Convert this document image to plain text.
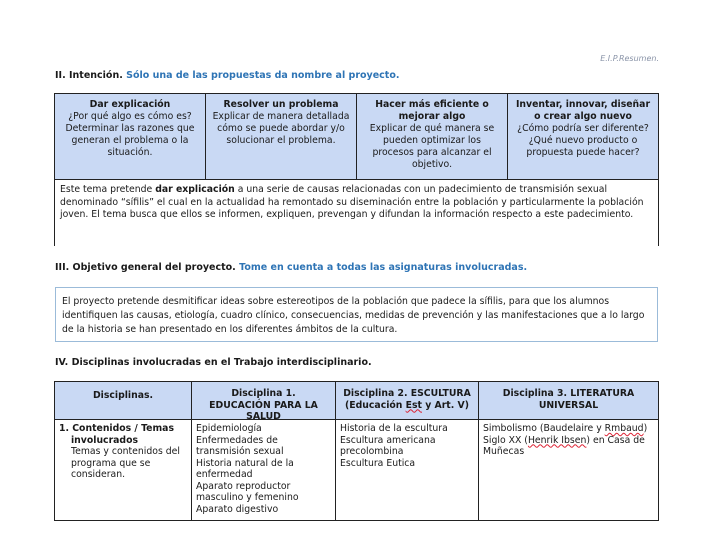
E.I.P.Resumen.
II. Intención. Sólo una de las propuestas da nombre al proyecto.
Dar explicación
¿Por qué algo es cómo es? Determinar las razones que generan el problema o la situación.
Resolver un problema
Explicar de manera detallada cómo se puede abordar y/o solucionar el problema.
Hacer más eficiente o mejorar algo
Explicar de qué manera se pueden optimizar los procesos para alcanzar el objetivo.
Inventar, innovar, diseñar o crear algo nuevo
¿Cómo podría ser diferente? ¿Qué nuevo producto o propuesta puede hacer?
Este tema pretende dar explicación a una serie de causas relacionadas con un padecimiento de transmisión sexual denominado “sífilis” el cual en la actualidad ha remontado su diseminación entre la población y particularmente la población joven. El tema busca que ellos se informen, expliquen, prevengan y difundan la información respecto a este padecimiento.
III. Objetivo general del proyecto. Tome en cuenta a todas las asignaturas involucradas.
El proyecto pretende desmitificar ideas sobre estereotipos de la población que padece la sífilis, para que los alumnos identifiquen las causas, etiología, cuadro clínico, consecuencias, medidas de prevención y las manifestaciones que a lo largo de la historia se han presentado en los diferentes ámbitos de la cultura.
IV. Disciplinas involucradas en el Trabajo interdisciplinario.
Disciplinas.	Disciplina 1.
EDUCACIÓN PARA LA SALUD
Disciplina 2. ESCULTURA
(Educación Est y Art. V)
Disciplina 3. LITERATURA UNIVERSAL
1. Contenidos / Temas
involucrados
Temas y contenidos del programa que se consideran.
Epidemiología
Enfermedades de transmisión sexual
Historia natural de la enfermedad
Aparato reproductor masculino y femenino
Aparato digestivo
Historia de la escultura
Escultura americana precolombina
Escultura Eutica
Simbolismo (Baudelaire y Rmbaud)
Siglo XX (Henrik Ibsen) en Casa de Muñecas
